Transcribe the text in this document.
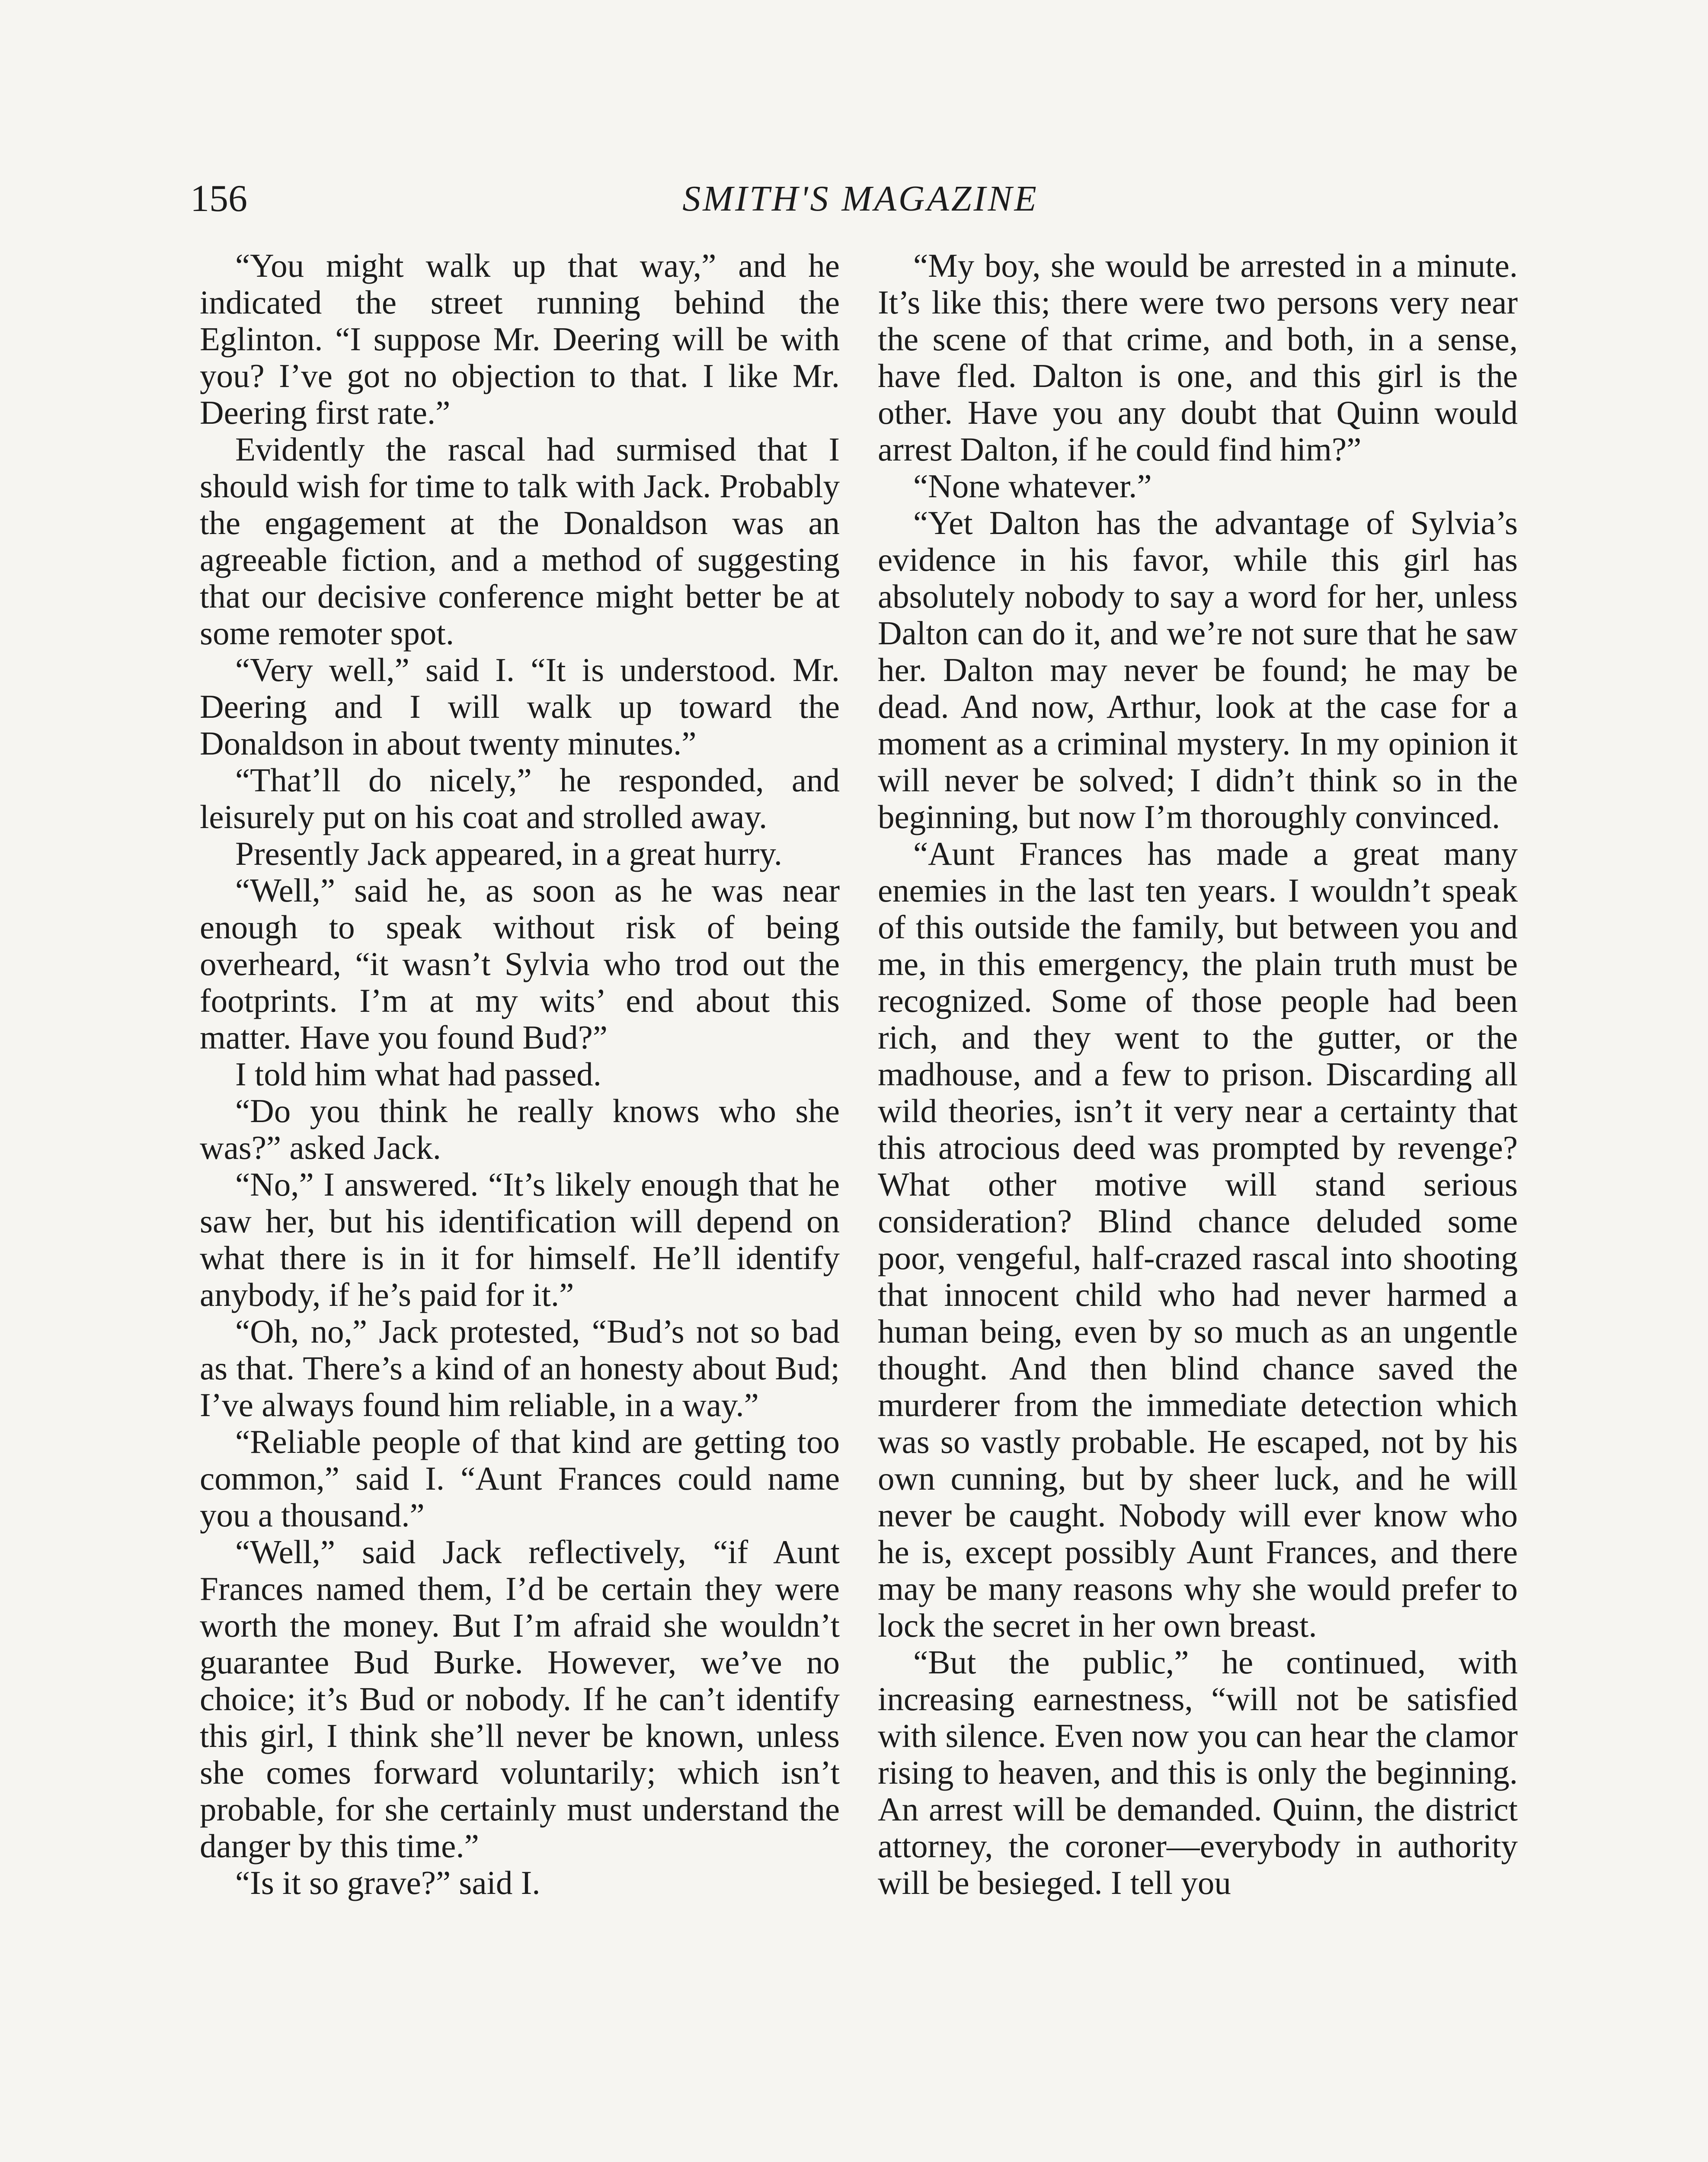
156	SMITH'S MAGAZINE

“You might walk up that way,” and he indicated the street running behind the Eglinton. “I suppose Mr. Deering will be with you? I’ve got no objection to that. I like Mr. Deering first rate.”

Evidently the rascal had surmised that I should wish for time to talk with Jack. Probably the engagement at the Donaldson was an agreeable fiction, and a method of suggesting that our decisive conference might better be at some remoter spot.

“Very well,” said I. “It is understood. Mr. Deering and I will walk up toward the Donaldson in about twenty minutes.”

“That’ll do nicely,” he responded, and leisurely put on his coat and strolled away.

Presently Jack appeared, in a great hurry.

“Well,” said he, as soon as he was near enough to speak without risk of being overheard, “it wasn’t Sylvia who trod out the footprints. I’m at my wits’ end about this matter. Have you found Bud?”

I told him what had passed.

“Do you think he really knows who she was?” asked Jack.

“No,” I answered. “It’s likely enough that he saw her, but his identification will depend on what there is in it for himself. He’ll identify anybody, if he’s paid for it.”

“Oh, no,” Jack protested, “Bud’s not so bad as that. There’s a kind of an honesty about Bud; I’ve always found him reliable, in a way.”

“Reliable people of that kind are getting too common,” said I. “Aunt Frances could name you a thousand.”

“Well,” said Jack reflectively, “if Aunt Frances named them, I’d be certain they were worth the money. But I’m afraid she wouldn’t guarantee Bud Burke. However, we’ve no choice; it’s Bud or nobody. If he can’t identify this girl, I think she’ll never be known, unless she comes forward voluntarily; which isn’t probable, for she certainly must understand the danger by this time.”

“Is it so grave?” said I.

“My boy, she would be arrested in a minute. It’s like this; there were two persons very near the scene of that crime, and both, in a sense, have fled. Dalton is one, and this girl is the other. Have you any doubt that Quinn would arrest Dalton, if he could find him?”

“None whatever.”

“Yet Dalton has the advantage of Sylvia’s evidence in his favor, while this girl has absolutely nobody to say a word for her, unless Dalton can do it, and we’re not sure that he saw her. Dalton may never be found; he may be dead. And now, Arthur, look at the case for a moment as a criminal mystery. In my opinion it will never be solved; I didn’t think so in the beginning, but now I’m thoroughly convinced.

“Aunt Frances has made a great many enemies in the last ten years. I wouldn’t speak of this outside the family, but between you and me, in this emergency, the plain truth must be recognized. Some of those people had been rich, and they went to the gutter, or the madhouse, and a few to prison. Discarding all wild theories, isn’t it very near a certainty that this atrocious deed was prompted by revenge? What other motive will stand serious consideration? Blind chance deluded some poor, vengeful, half-crazed rascal into shooting that innocent child who had never harmed a human being, even by so much as an ungentle thought. And then blind chance saved the murderer from the immediate detection which was so vastly probable. He escaped, not by his own cunning, but by sheer luck, and he will never be caught. Nobody will ever know who he is, except possibly Aunt Frances, and there may be many reasons why she would prefer to lock the secret in her own breast.

“But the public,” he continued, with increasing earnestness, “will not be satisfied with silence. Even now you can hear the clamor rising to heaven, and this is only the beginning. An arrest will be demanded. Quinn, the district attorney, the coroner—everybody in authority will be besieged. I tell you
